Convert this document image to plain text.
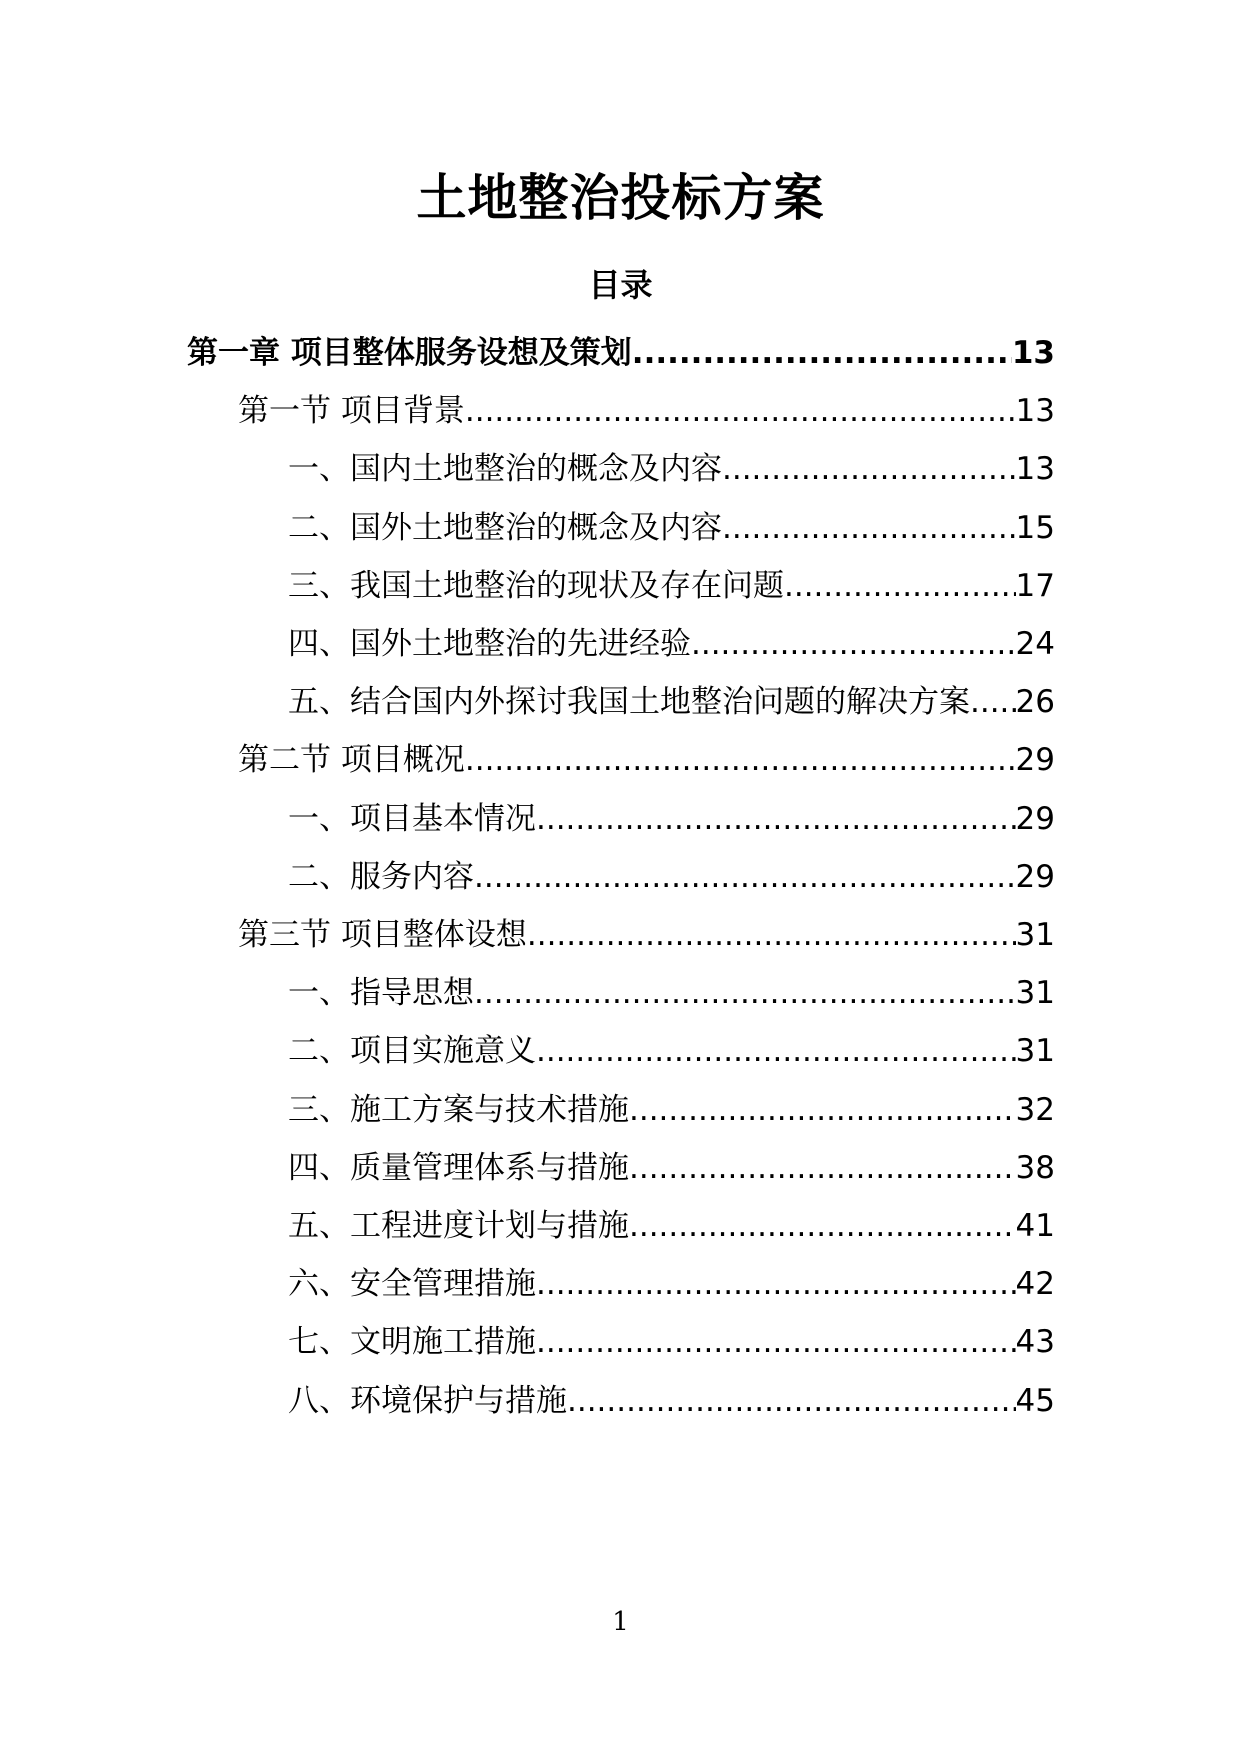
土地整治投标方案
目录
第一章 项目整体服务设想及策划 .....	13
第一节 项目背景 .....	13
一、国内土地整治的概念及内容 .....	13
二、国外土地整治的概念及内容 .....	15
三、我国土地整治的现状及存在问题 .....	17
四、国外土地整治的先进经验 .....	24
五、结合国内外探讨我国土地整治问题的解决方案 ..... 26
第二节 项目概况 .....	29
一、项目基本情况 .....	29
二、服务内容 .....	29
第三节 项目整体设想 .....	31
一、指导思想 .....	31
二、项目实施意义 .....	31
三、施工方案与技术措施 .....	32
四、质量管理体系与措施 .....	38
五、工程进度计划与措施 .....	41
六、安全管理措施 .....	42
七、文明施工措施 .....	43
八、环境保护与措施 .....	45
1
